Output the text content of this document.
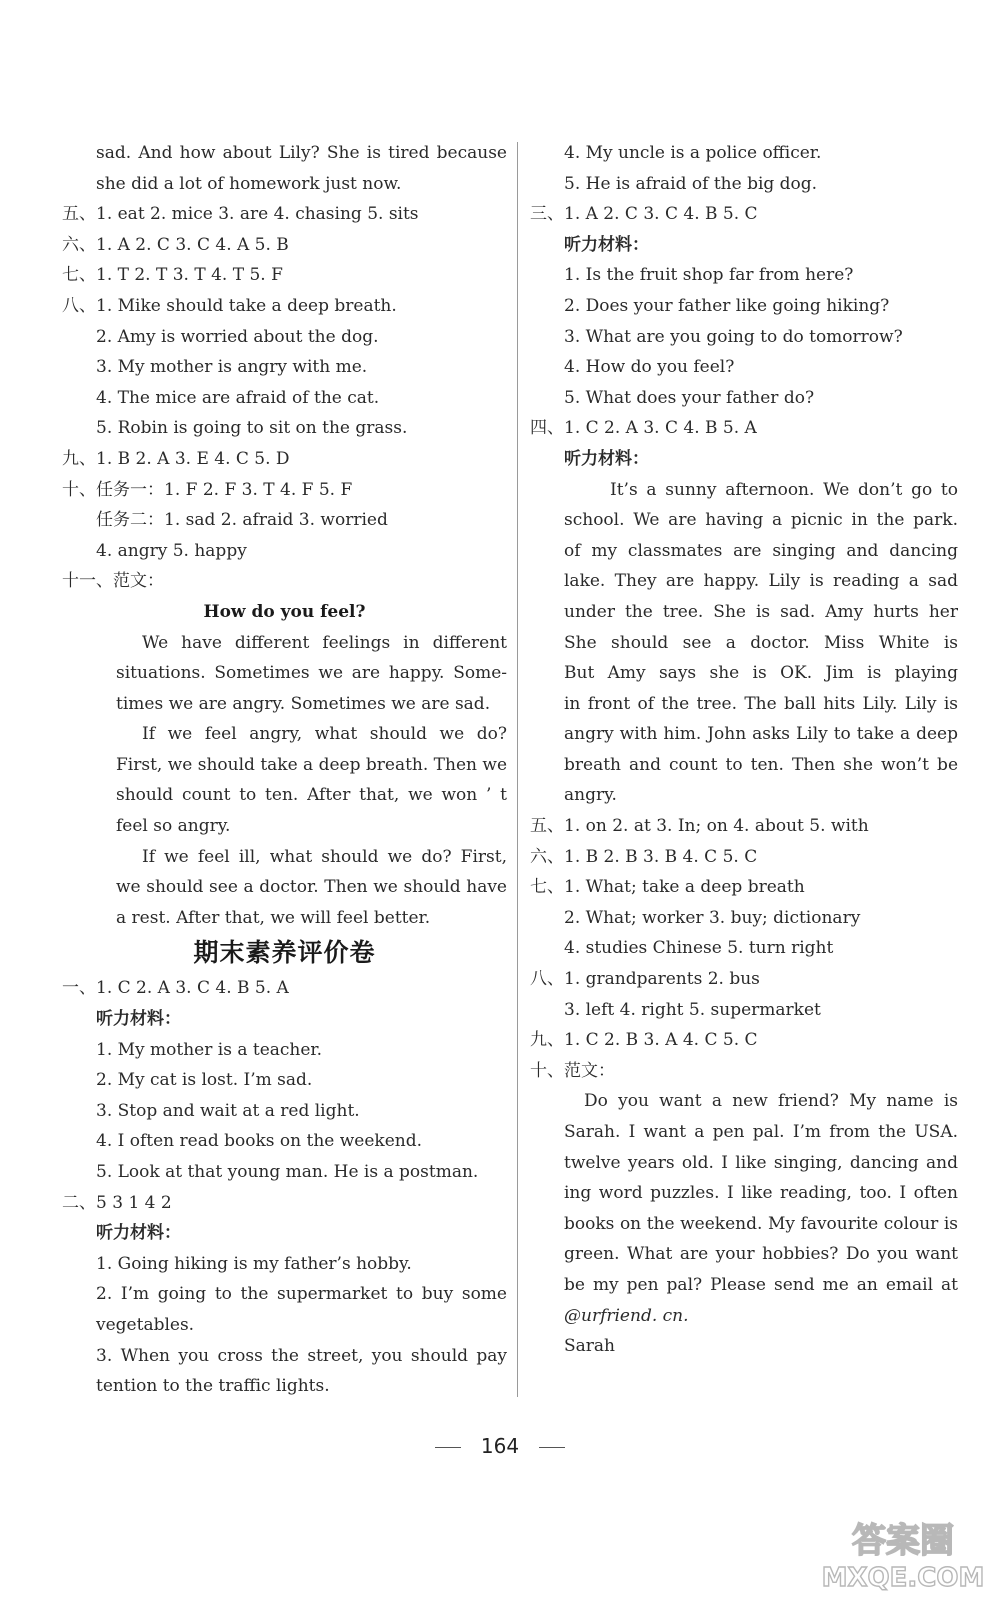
sad. And how about Lily? She is tired because
she did a lot of homework just now.
五、1. eat 2. mice 3. are 4. chasing 5. sits
六、1. A 2. C 3. C 4. A 5. B
七、1. T 2. T 3. T 4. T 5. F
八、1. Mike should take a deep breath.
2. Amy is worried about the dog.
3. My mother is angry with me.
4. The mice are afraid of the cat.
5. Robin is going to sit on the grass.
九、1. B 2. A 3. E 4. C 5. D
十、任务一：1. F 2. F 3. T 4. F 5. F
任务二：1. sad 2. afraid 3. worried
4. angry 5. happy
十一、范文：
How do you feel?
We have different feelings in different
situations. Sometimes we are happy. Some-
times we are angry. Sometimes we are sad.
If we feel angry, what should we do?
First, we should take a deep breath. Then we
should count to ten. After that, we won ’ t
feel so angry.
If we feel ill, what should we do? First,
we should see a doctor. Then we should have
a rest. After that, we will feel better.
期末素养评价卷
一、1. C 2. A 3. C 4. B 5. A
听力材料：
1. My mother is a teacher.
2. My cat is lost. I’m sad.
3. Stop and wait at a red light.
4. I often read books on the weekend.
5. Look at that young man. He is a postman.
二、5 3 1 4 2
听力材料：
1. Going hiking is my father’s hobby.
2. I’m going to the supermarket to buy some
vegetables.
3. When you cross the street, you should pay
tention to the traffic lights.
4. My uncle is a police officer.
5. He is afraid of the big dog.
三、1. A 2. C 3. C 4. B 5. C
听力材料：
1. Is the fruit shop far from here?
2. Does your father like going hiking?
3. What are you going to do tomorrow?
4. How do you feel?
5. What does your father do?
四、1. C 2. A 3. C 4. B 5. A
听力材料：
It’s a sunny afternoon. We don’t go to
school. We are having a picnic in the park.
of my classmates are singing and dancing
lake. They are happy. Lily is reading a sad
under the tree. She is sad. Amy hurts her
She should see a doctor. Miss White is
But Amy says she is OK. Jim is playing
in front of the tree. The ball hits Lily. Lily is
angry with him. John asks Lily to take a deep
breath and count to ten. Then she won’t be
angry.
五、1. on 2. at 3. In; on 4. about 5. with
六、1. B 2. B 3. B 4. C 5. C
七、1. What; take a deep breath
2. What; worker 3. buy; dictionary
4. studies Chinese 5. turn right
八、1. grandparents 2. bus
3. left 4. right 5. supermarket
九、1. C 2. B 3. A 4. C 5. C
十、范文：
Do you want a new friend? My name is
Sarah. I want a pen pal. I’m from the USA.
twelve years old. I like singing, dancing and
ing word puzzles. I like reading, too. I often
books on the weekend. My favourite colour is
green. What are your hobbies? Do you want
be my pen pal? Please send me an email at
@urfriend. cn.
Sarah
164
答案圈
MXQE.COM
